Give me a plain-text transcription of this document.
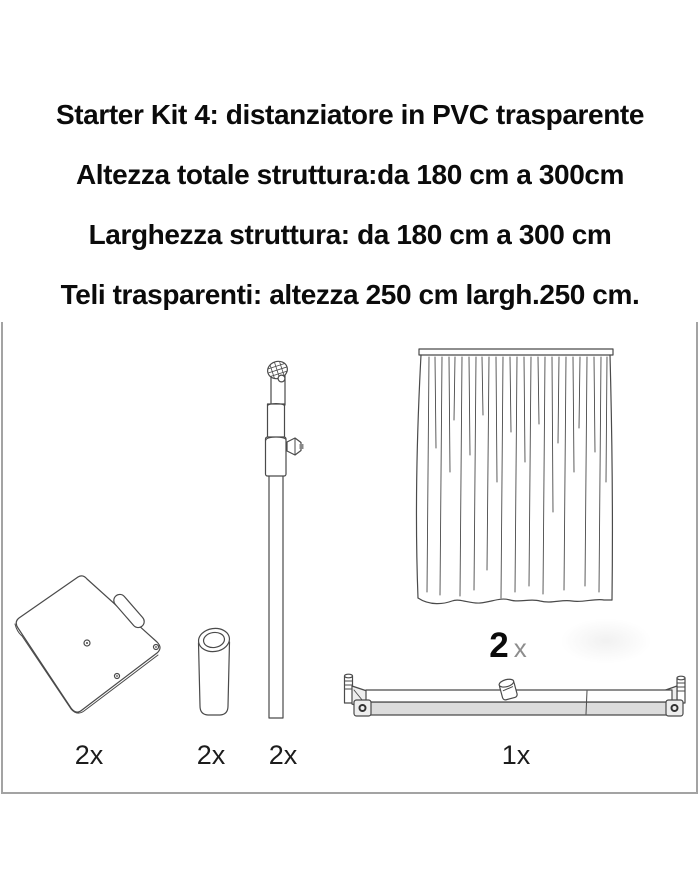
Starter Kit 4: distanziatore in PVC trasparente
Altezza totale struttura:da 180 cm a 300cm
Larghezza struttura: da 180 cm a 300 cm
Teli trasparenti: altezza 250 cm largh.250 cm.
2 x
2x	2x 2x	1x
